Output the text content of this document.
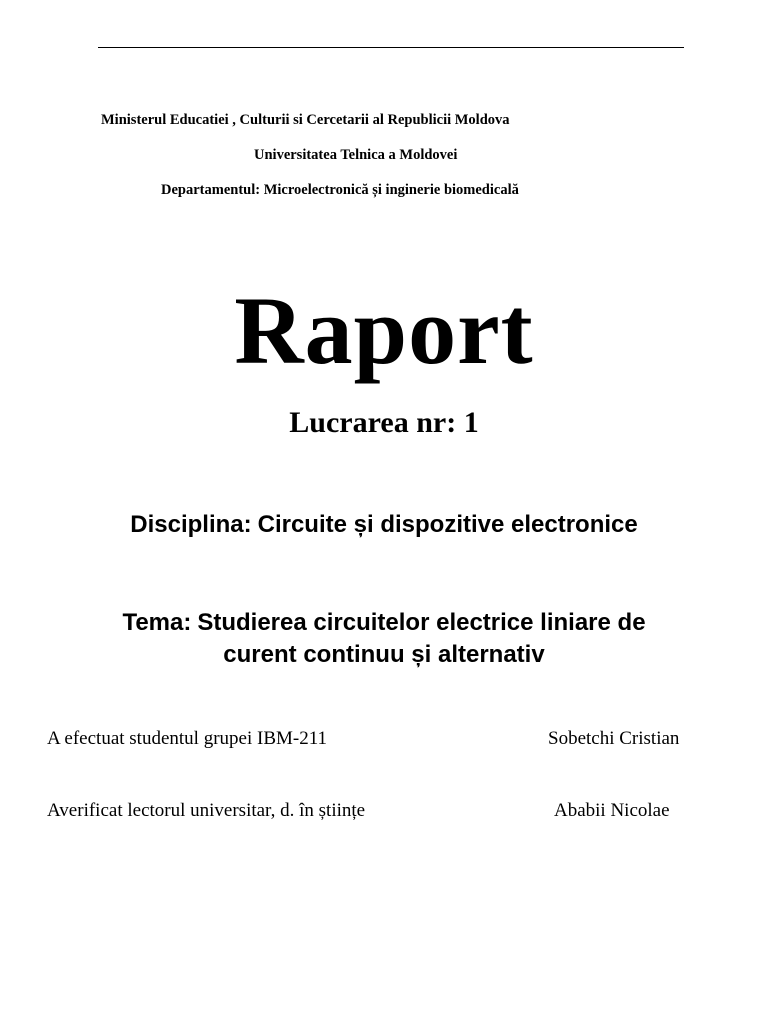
Ministerul Educatiei , Culturii si Cercetarii al Republicii Moldova
Universitatea Telnica a Moldovei
Departamentul: Microelectronică și inginerie biomedicală
Raport
Lucrarea nr: 1
Disciplina: Circuite și dispozitive electronice
Tema: Studierea circuitelor electrice liniare de
curent continuu și alternativ
A efectuat studentul grupei IBM-211	Sobetchi Cristian
Averificat lectorul universitar, d. în științe	Ababii Nicolae
